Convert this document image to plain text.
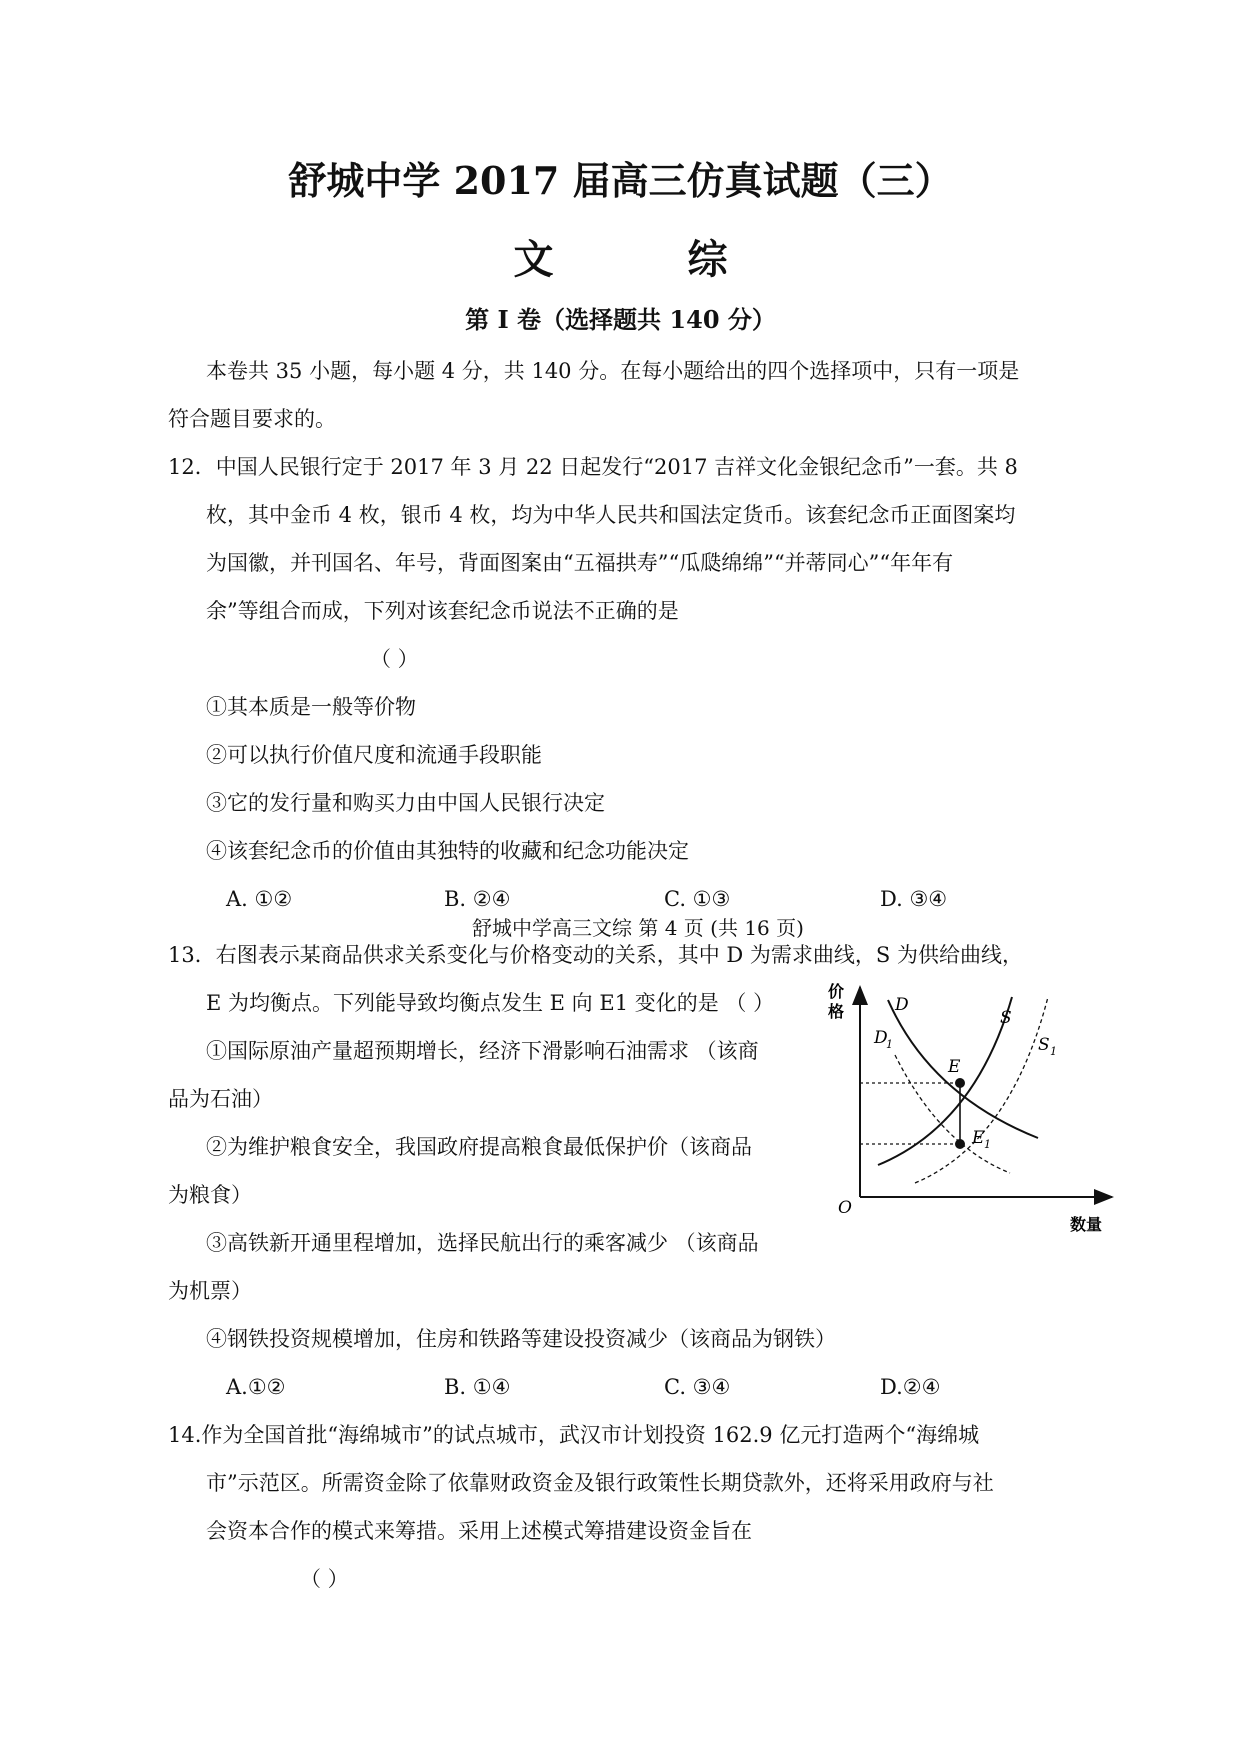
舒城中学 2017 届高三仿真试题（三）
文 综
第 I 卷（选择题共 140 分）
本卷共 35 小题，每小题 4 分，共 140 分。在每小题给出的四个选择项中，只有一项是
符合题目要求的。
12．中国人民银行定于 2017 年 3 月 22 日起发行“2017 吉祥文化金银纪念币”一套。共 8
枚，其中金币 4 枚，银币 4 枚，均为中华人民共和国法定货币。该套纪念币正面图案均
为国徽，并刊国名、年号，背面图案由“五福拱寿”“瓜瓞绵绵”“并蒂同心”“年年有
余”等组合而成，下列对该套纪念币说法不正确的是
（ ）
①其本质是一般等价物
②可以执行价值尺度和流通手段职能
③它的发行量和购买力由中国人民银行决定
④该套纪念币的价值由其独特的收藏和纪念功能决定
A. ①②	B. ②④	C. ①③	D. ③④
舒城中学高三文综 第 4 页 (共 16 页)
13．右图表示某商品供求关系变化与价格变动的关系，其中 D 为需求曲线，S 为供给曲线，
E 为均衡点。下列能导致均衡点发生 E 向 E1 变化的是 （ ）
①国际原油产量超预期增长，经济下滑影响石油需求 （该商
品为石油）
②为维护粮食安全，我国政府提高粮食最低保护价（该商品
为粮食）
③高铁新开通里程增加，选择民航出行的乘客减少 （该商品
为机票）
④钢铁投资规模增加，住房和铁路等建设投资减少（该商品为钢铁）
A.①②	B. ①④	C. ③④	D.②④
价
格
数量
O
D
S
D
1	S 1
E
E 1
14.作为全国首批“海绵城市”的试点城市，武汉市计划投资 162.9 亿元打造两个“海绵城
市”示范区。所需资金除了依靠财政资金及银行政策性长期贷款外，还将采用政府与社
会资本合作的模式来筹措。采用上述模式筹措建设资金旨在
（ ）
